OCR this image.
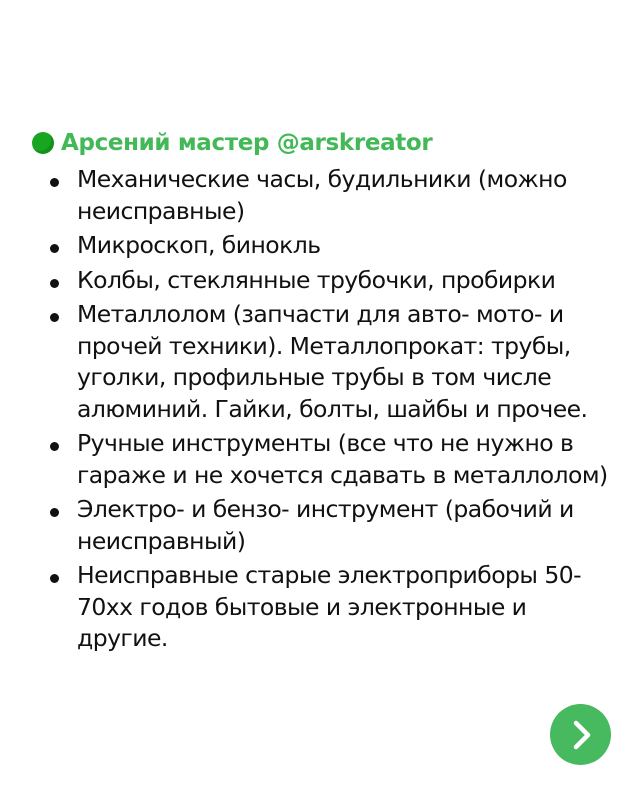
Арсений мастер @arskreator
Механические часы, будильники (можно неисправные)
Микроскоп, бинокль
Колбы, стеклянные трубочки, пробирки
Металлолом (запчасти для авто- мото- и прочей техники). Металлопрокат: трубы, уголки, профильные трубы в том числе алюминий. Гайки, болты, шайбы и прочее.
Ручные инструменты (все что не нужно в гараже и не хочется сдавать в металлолом)
Электро- и бензо- инструмент (рабочий и неисправный)
Неисправные старые электроприборы 50-70хх годов бытовые и электронные и другие.
